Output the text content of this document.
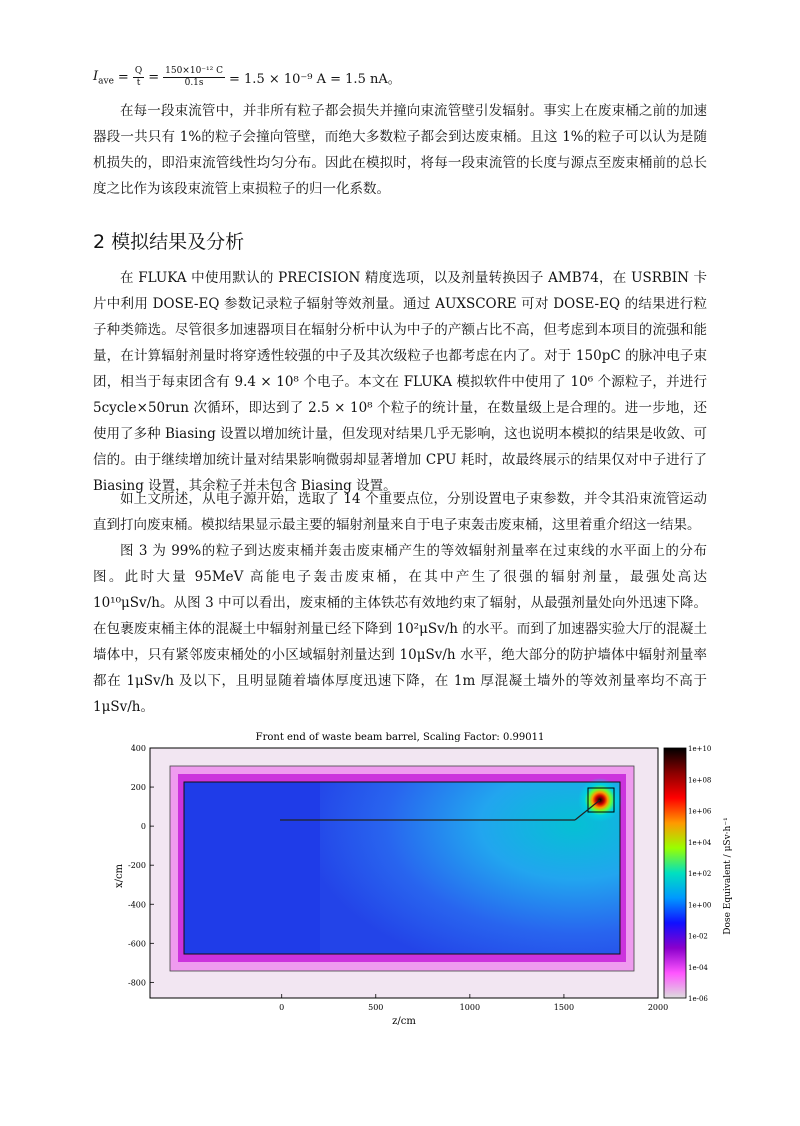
$I_{ave} = \frac{Q}{t} = \frac{\text{150×10⁻¹² C}}{0.1s} = 1.5 \times 10^{-9}$ A = 1.5 nA。

在每一段束流管中，并非所有粒子都会损失并撞向束流管壁引发辐射。事实上在废束桶之前的加速器段一共只有 1%的粒子会撞向管壁，而绝大多数粒子都会到达废束桶。且这 1%的粒子可以认为是随机损失的，即沿束流管线性均匀分布。因此在模拟时，将每一段束流管的长度与源点至废束桶前的总长度之比作为该段束流管上束损粒子的归一化系数。

2 模拟结果及分析

在 FLUKA 中使用默认的 PRECISION 精度选项，以及剂量转换因子 AMB74，在 USRBIN 卡片中利用 DOSE-EQ 参数记录粒子辐射等效剂量。通过 AUXSCORE 可对 DOSE-EQ 的结果进行粒子种类筛选。尽管很多加速器项目在辐射分析中认为中子的产额占比不高，但考虑到本项目的流强和能量，在计算辐射剂量时将穿透性较强的中子及其次级粒子也都考虑在内了。对于 150pC 的脉冲电子束团，相当于每束团含有 9.4 × 10⁸ 个电子。本文在 FLUKA 模拟软件中使用了 10⁶ 个源粒子，并进行 5cycle×50run 次循环，即达到了 2.5 × 10⁸ 个粒子的统计量，在数量级上是合理的。进一步地，还使用了多种 Biasing 设置以增加统计量，但发现对结果几乎无影响，这也说明本模拟的结果是收敛、可信的。由于继续增加统计量对结果影响微弱却显著增加 CPU 耗时，故最终展示的结果仅对中子进行了 Biasing 设置，其余粒子并未包含 Biasing 设置。

如上文所述，从电子源开始，选取了 14 个重要点位，分别设置电子束参数，并令其沿束流管运动直到打向废束桶。模拟结果显示最主要的辐射剂量来自于电子束轰击废束桶，这里着重介绍这一结果。

图 3 为 99%的粒子到达废束桶并轰击废束桶产生的等效辐射剂量率在过束线的水平面上的分布图。此时大量 95MeV 高能电子轰击废束桶，在其中产生了很强的辐射剂量，最强处高达 10¹⁰μSv/h。从图 3 中可以看出，废束桶的主体铁芯有效地约束了辐射，从最强剂量处向外迅速下降。在包裹废束桶主体的混凝土中辐射剂量已经下降到 10²μSv/h 的水平。而到了加速器实验大厅的混凝土墙体中，只有紧邻废束桶处的小区域辐射剂量达到 10μSv/h 水平，绝大部分的防护墙体中辐射剂量率都在 1μSv/h 及以下，且明显随着墙体厚度迅速下降，在 1m 厚混凝土墙外的等效剂量率均不高于 1μSv/h。

Front end of waste beam barrel, Scaling Factor: 0.99011
400
200
0
-200
-400
-600
-800
0	500	1000	1500	2000
z/cm
x/cm
1e+10
1e+08
1e+06
1e+04
1e+02
1e+00
1e-02
1e-04
1e-06
Dose Equivalent / μSv·h⁻¹
